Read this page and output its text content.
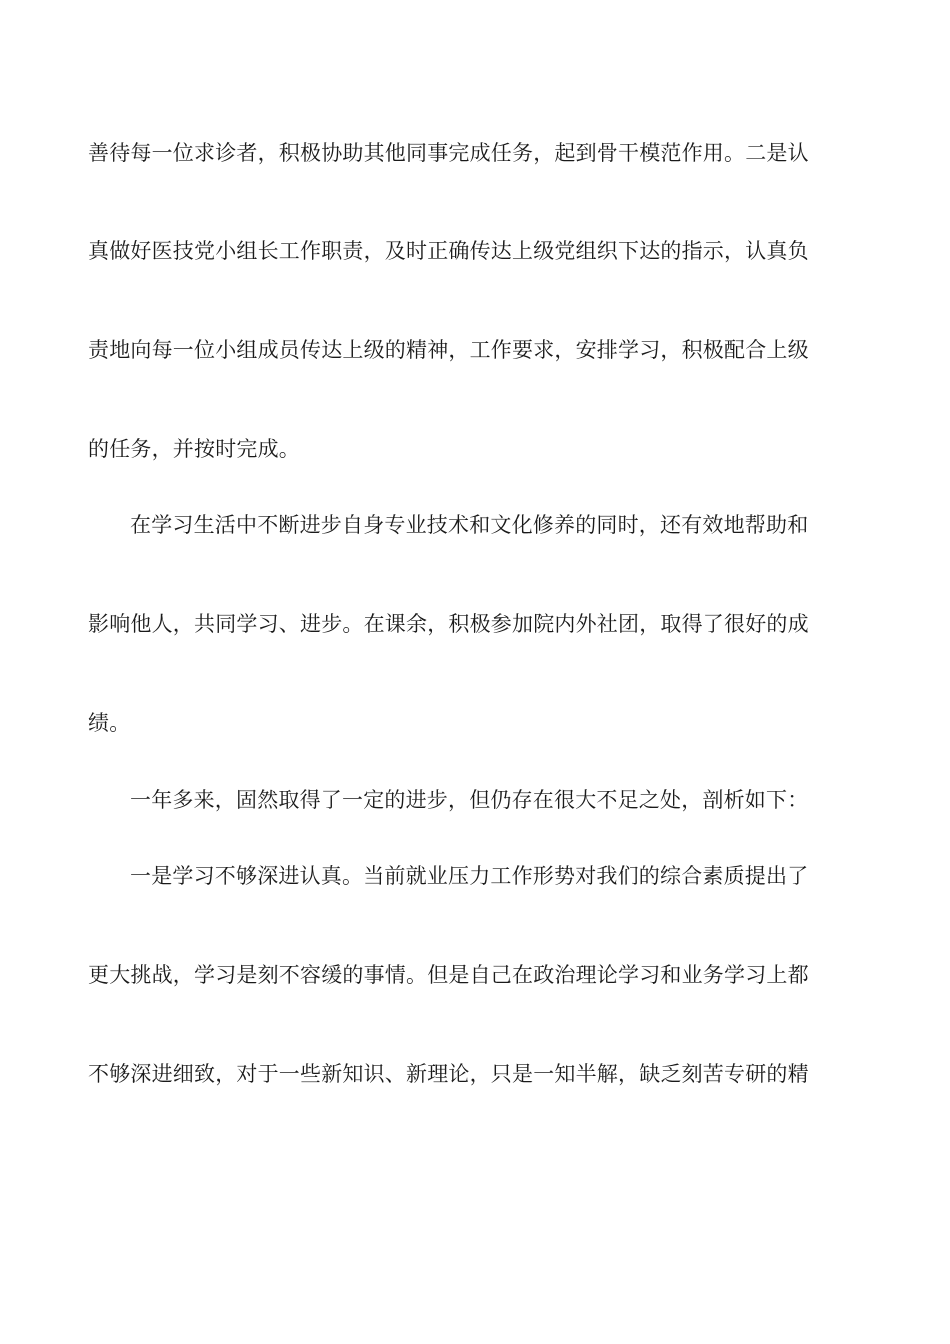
善待每一位求诊者，积极协助其他同事完成任务，起到骨干模范作用。二是认
真做好医技党小组长工作职责，及时正确传达上级党组织下达的指示，认真负
责地向每一位小组成员传达上级的精神，工作要求，安排学习，积极配合上级
的任务，并按时完成。
在学习生活中不断进步自身专业技术和文化修养的同时，还有效地帮助和
影响他人，共同学习、进步。在课余，积极参加院内外社团，取得了很好的成
绩。
一年多来，固然取得了一定的进步，但仍存在很大不足之处，剖析如下：
一是学习不够深进认真。当前就业压力工作形势对我们的综合素质提出了
更大挑战，学习是刻不容缓的事情。但是自己在政治理论学习和业务学习上都
不够深进细致，对于一些新知识、新理论，只是一知半解，缺乏刻苦专研的精
